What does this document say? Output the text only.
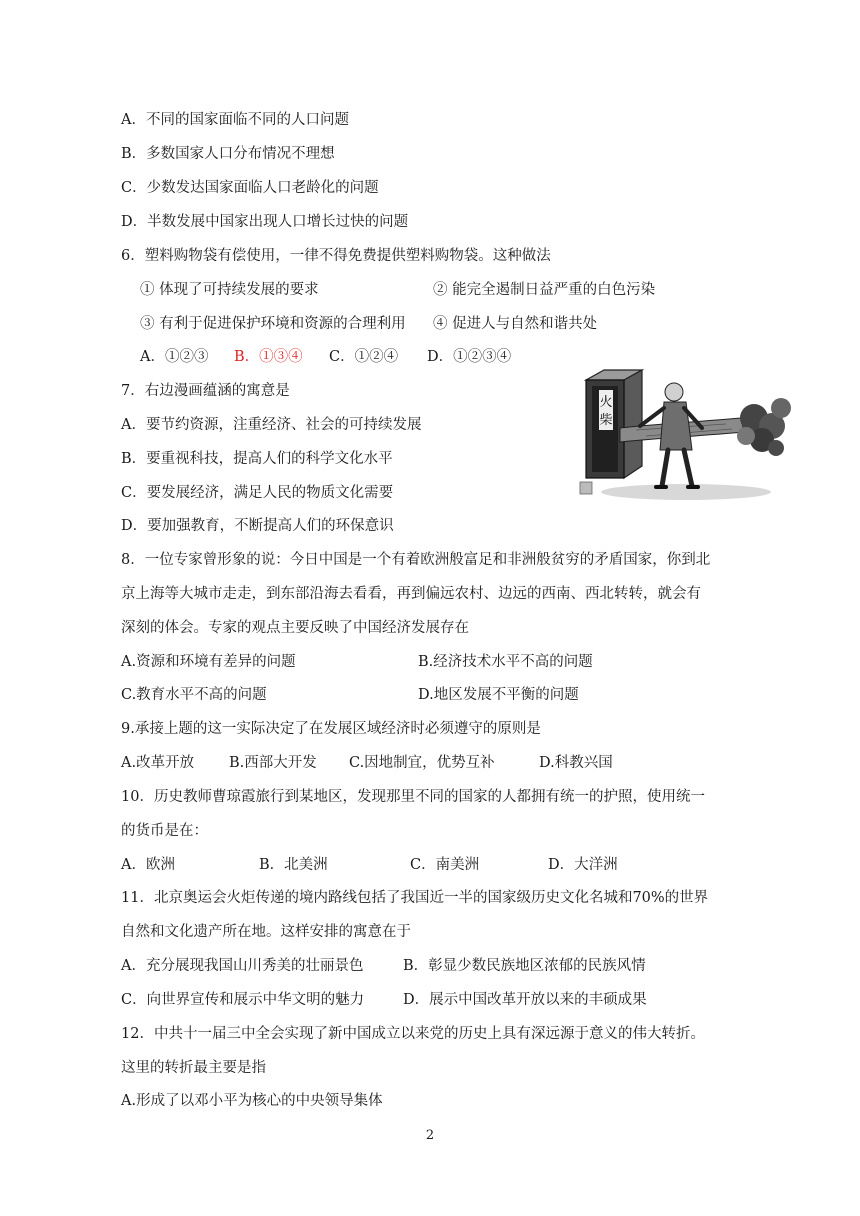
A．不同的国家面临不同的人口问题
B．多数国家人口分布情况不理想
C．少数发达国家面临人口老龄化的问题
D．半数发展中国家出现人口增长过快的问题
6．塑料购物袋有偿使用，一律不得免费提供塑料购物袋。这种做法
① 体现了可持续发展的要求	② 能完全遏制日益严重的白色污染
③ 有利于促进保护环境和资源的合理利用 ④ 促进人与自然和谐共处
A．①②③ B．①③④ C．①②④ D．①②③④
7．右边漫画蕴涵的寓意是
A．要节约资源，注重经济、社会的可持续发展
B．要重视科技，提高人们的科学文化水平
C．要发展经济，满足人民的物质文化需要
D．要加强教育，不断提高人们的环保意识
火
柴
8．一位专家曾形象的说：今日中国是一个有着欧洲般富足和非洲般贫穷的矛盾国家，你到北
京上海等大城市走走，到东部沿海去看看，再到偏远农村、边远的西南、西北转转，就会有
深刻的体会。专家的观点主要反映了中国经济发展存在
A.资源和环境有差异的问题	B.经济技术水平不高的问题
C.教育水平不高的问题	D.地区发展不平衡的问题
9.承接上题的这一实际决定了在发展区域经济时必须遵守的原则是
A.改革开放 B.西部大开发 C.因地制宜，优势互补	D.科教兴国
10．历史教师曹琼霞旅行到某地区，发现那里不同的国家的人都拥有统一的护照，使用统一
的货币是在：
A．欧洲	B．北美洲	C．南美洲	D．大洋洲
11．北京奥运会火炬传递的境内路线包括了我国近一半的国家级历史文化名城和70%的世界
自然和文化遗产所在地。这样安排的寓意在于
A．充分展现我国山川秀美的壮丽景色	B．彰显少数民族地区浓郁的民族风情
C．向世界宣传和展示中华文明的魅力	D．展示中国改革开放以来的丰硕成果
12．中共十一届三中全会实现了新中国成立以来党的历史上具有深远源于意义的伟大转折。
这里的转折最主要是指
A.形成了以邓小平为核心的中央领导集体
2
